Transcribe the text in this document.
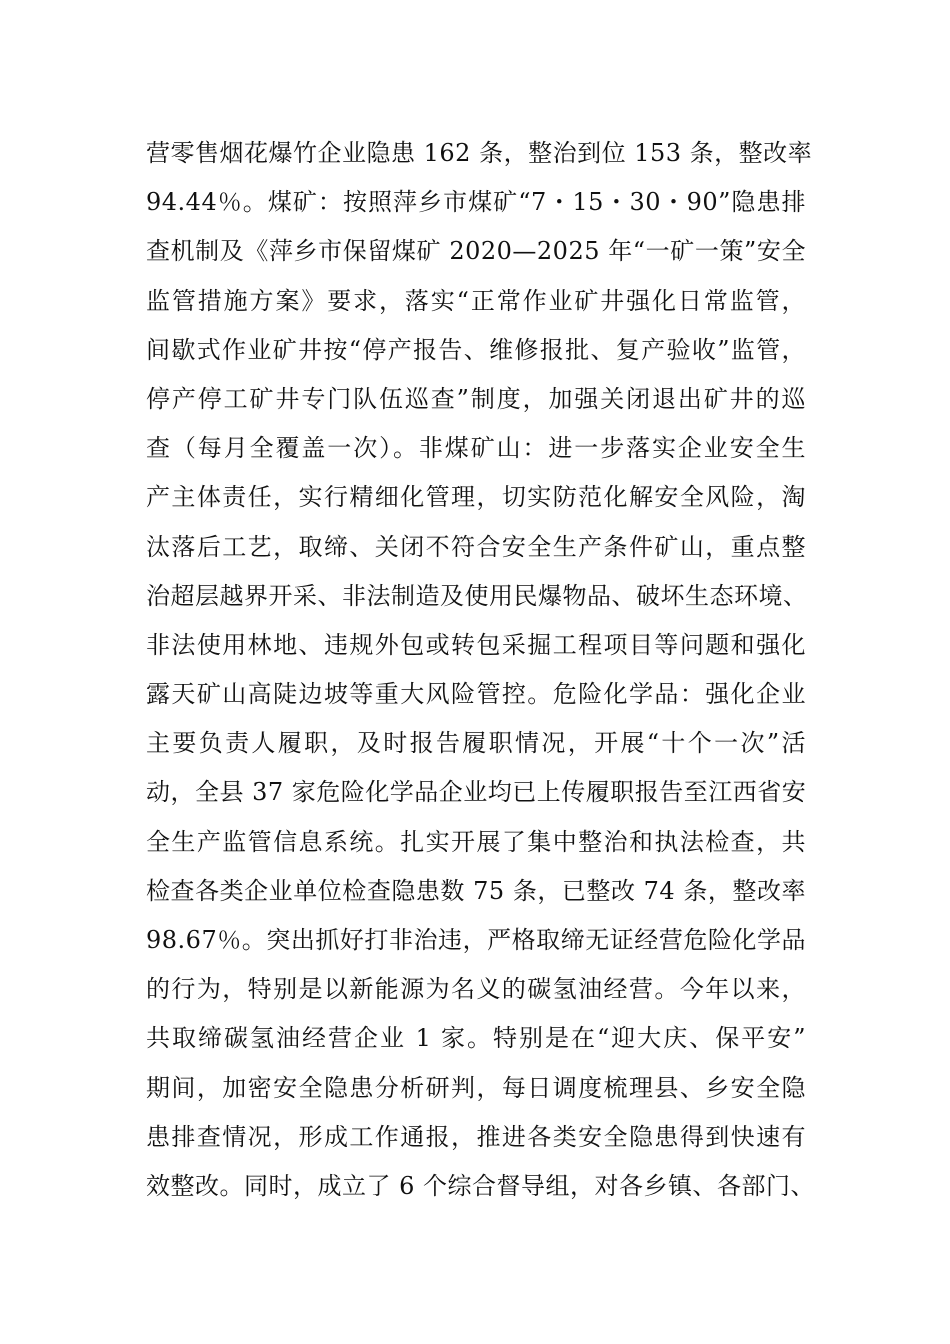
营零售烟花爆竹企业隐患 162 条，整治到位 153 条，整改率
94.44％。煤矿：按照萍乡市煤矿“7・15・30・90”隐患排
查机制及《萍乡市保留煤矿 2020—2025 年“一矿一策”安全
监管措施方案》要求，落实“正常作业矿井强化日常监管，
间歇式作业矿井按“停产报告、维修报批、复产验收”监管，
停产停工矿井专门队伍巡查”制度，加强关闭退出矿井的巡
查（每月全覆盖一次）。非煤矿山：进一步落实企业安全生
产主体责任，实行精细化管理，切实防范化解安全风险，淘
汰落后工艺，取缔、关闭不符合安全生产条件矿山，重点整
治超层越界开采、非法制造及使用民爆物品、破坏生态环境、
非法使用林地、违规外包或转包采掘工程项目等问题和强化
露天矿山高陡边坡等重大风险管控。危险化学品：强化企业
主要负责人履职，及时报告履职情况，开展“十个一次”活
动，全县 37 家危险化学品企业均已上传履职报告至江西省安
全生产监管信息系统。扎实开展了集中整治和执法检查，共
检查各类企业单位检查隐患数 75 条，已整改 74 条，整改率
98.67％。突出抓好打非治违，严格取缔无证经营危险化学品
的行为，特别是以新能源为名义的碳氢油经营。今年以来，
共取缔碳氢油经营企业 1 家。特别是在“迎大庆、保平安”
期间，加密安全隐患分析研判，每日调度梳理县、乡安全隐
患排查情况，形成工作通报，推进各类安全隐患得到快速有
效整改。同时，成立了 6 个综合督导组，对各乡镇、各部门、
